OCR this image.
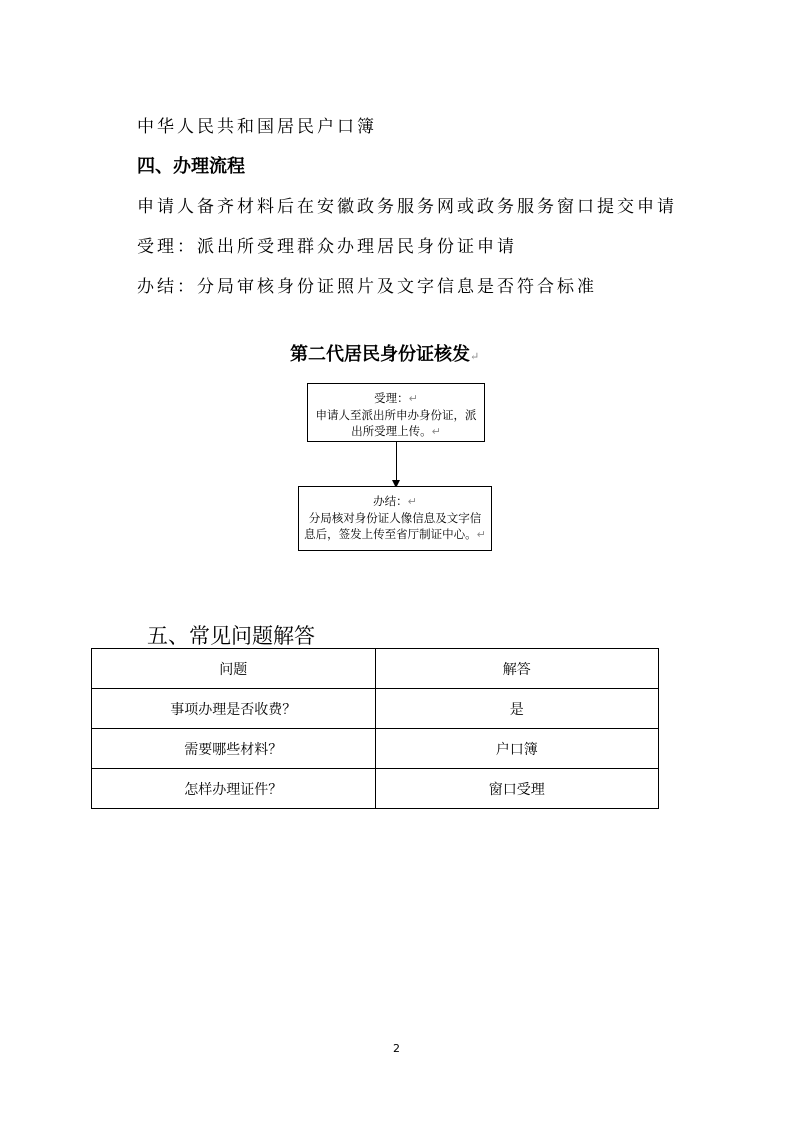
中华人民共和国居民户口簿
四、办理流程
申请人备齐材料后在安徽政务服务网或政务服务窗口提交申请
受理：派出所受理群众办理居民身份证申请
办结：分局审核身份证照片及文字信息是否符合标准
第二代居民身份证核发↵
受理：↵
申请人至派出所申办身份证，派
出所受理上传。↵
办结：↵
分局核对身份证人像信息及文字信
息后，签发上传至省厅制证中心。↵
五、常见问题解答
问题	解答
事项办理是否收费？	是
需要哪些材料？	户口簿
怎样办理证件？	窗口受理
2
